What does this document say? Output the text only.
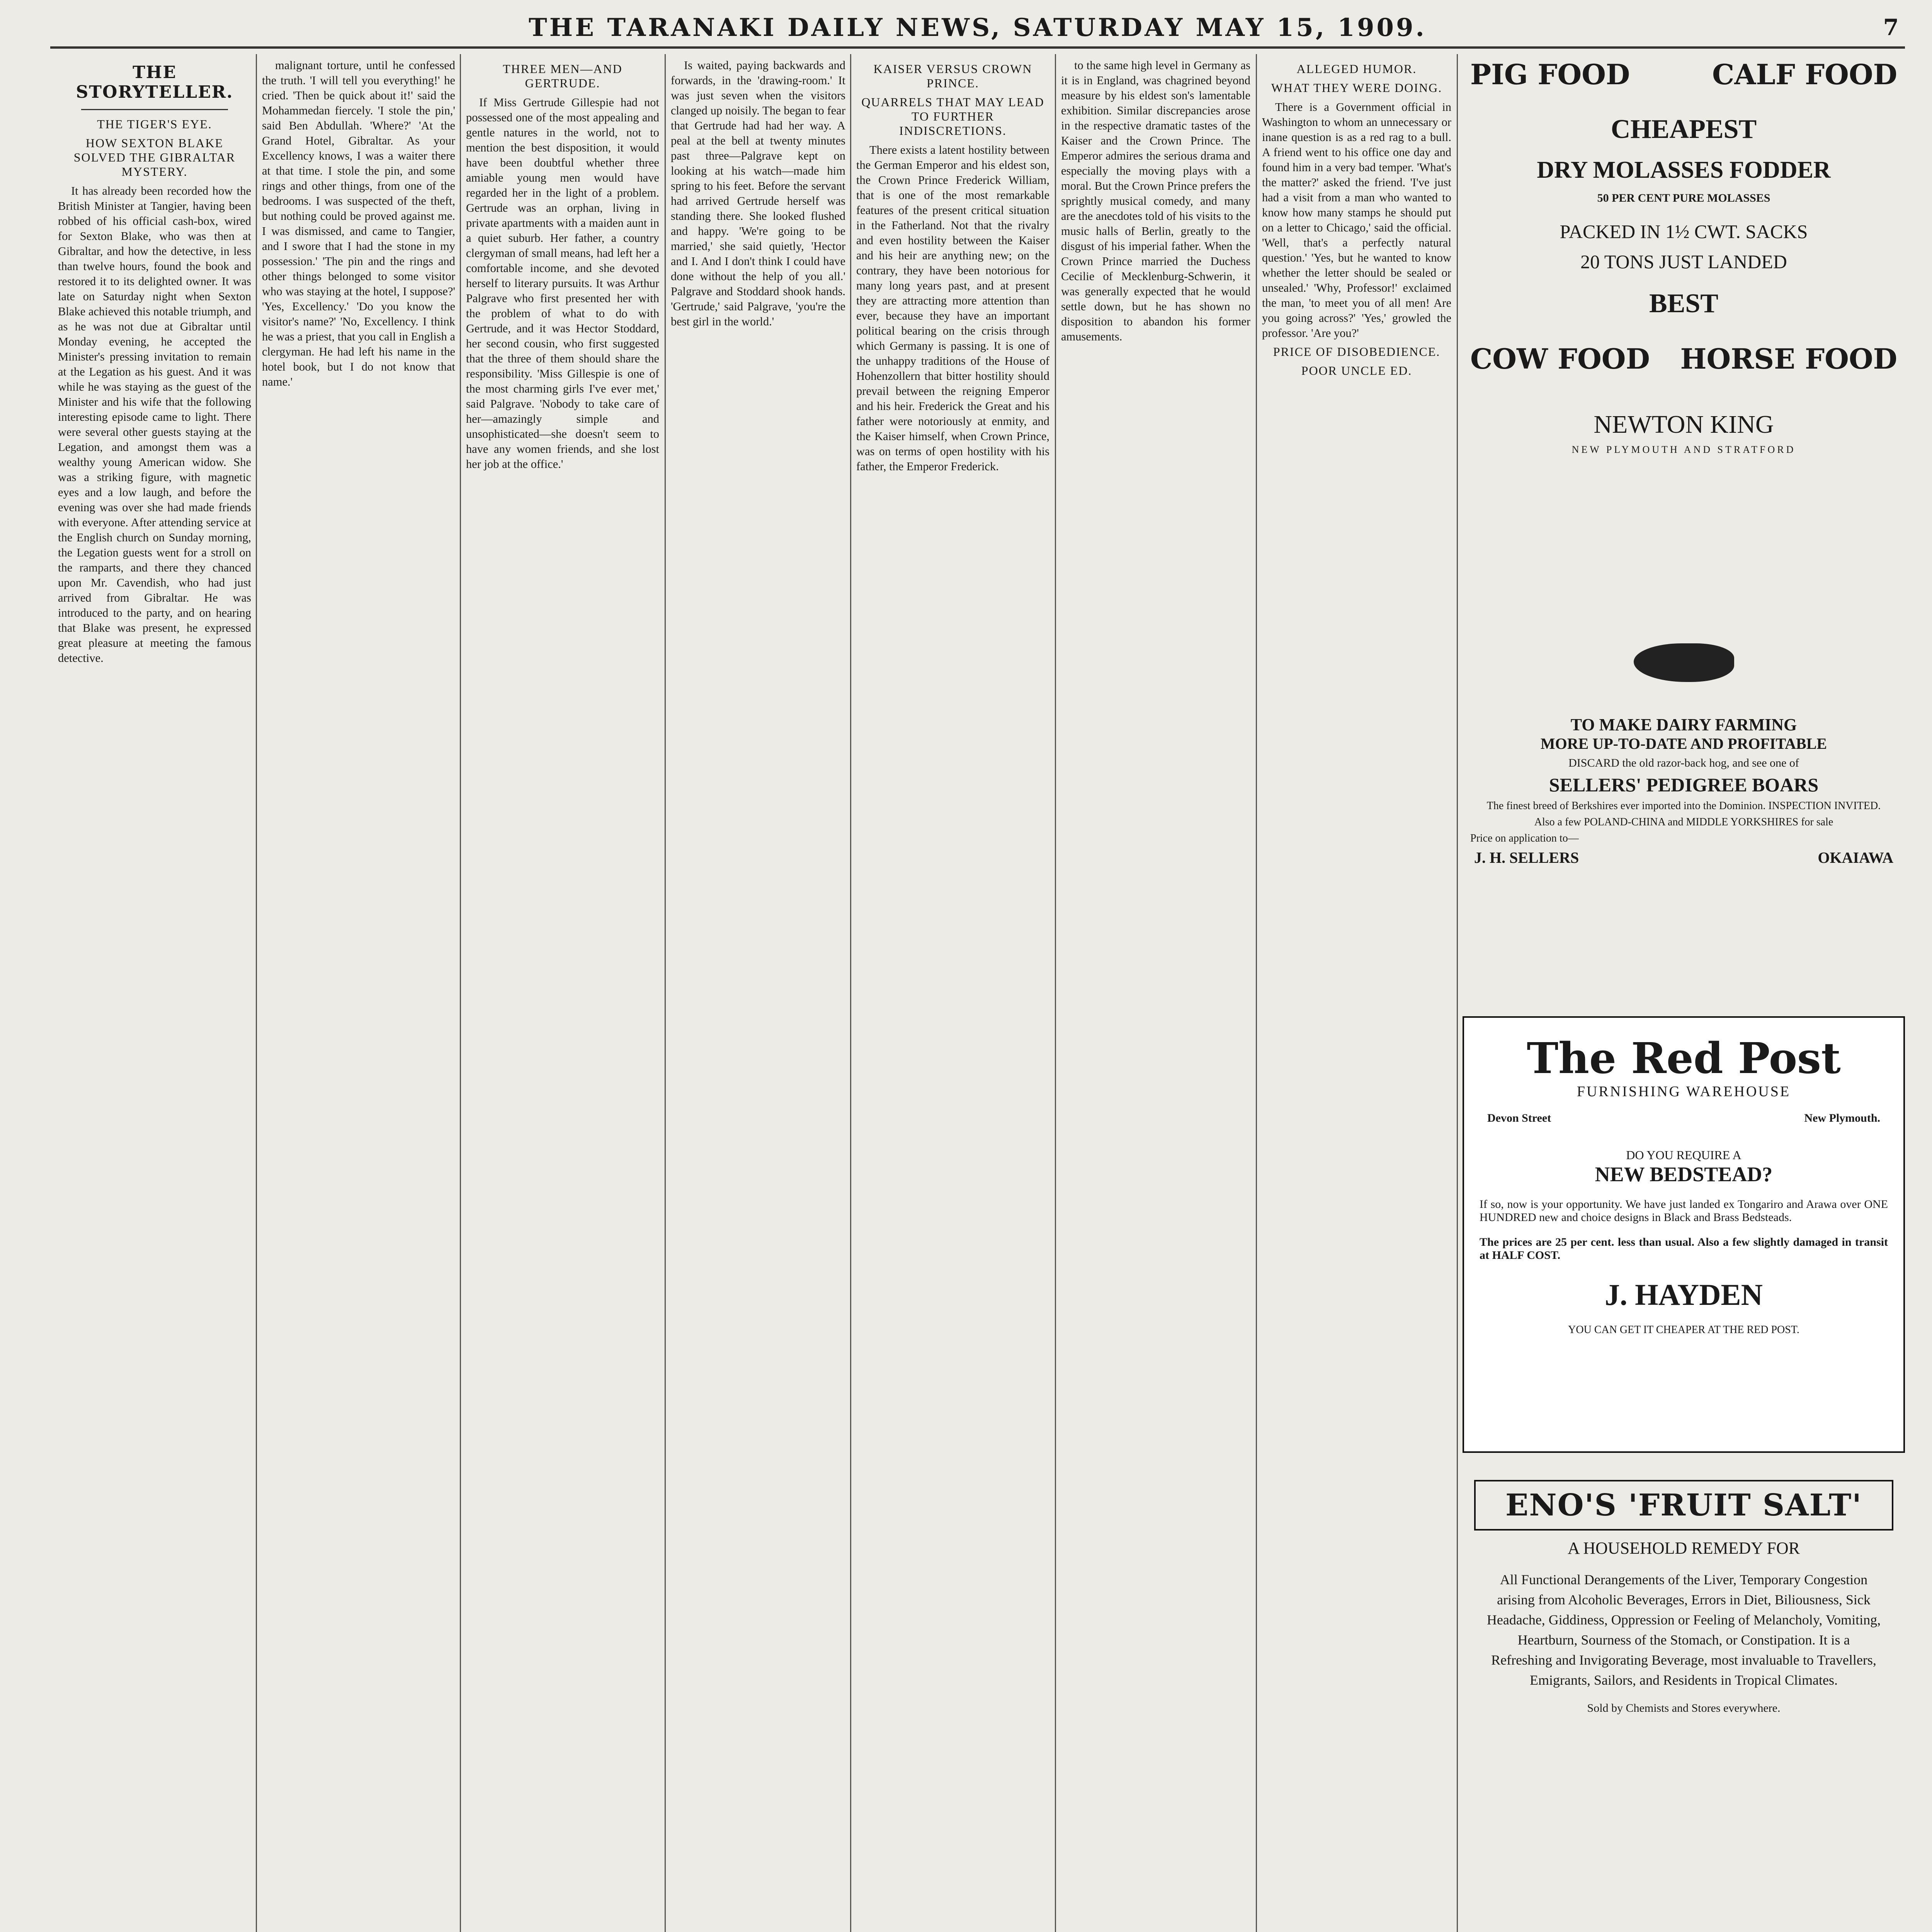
THE TARANAKI DAILY NEWS, SATURDAY MAY 15, 1909.	7
THE STORYTELLER.
THE TIGER'S EYE.
HOW SEXTON BLAKE SOLVED THE GIBRALTAR MYSTERY.

It has already been recorded how the British Minister at Tangier, having been robbed of his official cash-box, wired for Sexton Blake, who was then at Gibraltar, and how the detective, in less than twelve hours, found the book and restored it to its delighted owner. It was late on Saturday night when Sexton Blake achieved this notable triumph, and as he was not due at Gibraltar until Monday evening, he accepted the Minister's pressing invitation to remain at the Legation as his guest. And it was while he was staying as the guest of the Minister and his wife that the following interesting episode came to light. There were several other guests staying at the Legation, and amongst them was a wealthy young American widow. She was a striking figure, with magnetic eyes and a low laugh, and before the evening was over she had made friends with everyone. After attending service at the English church on Sunday morning, the Legation guests went for a stroll on the ramparts, and there they chanced upon Mr. Cavendish, who had just arrived from Gibraltar. He was introduced to the party, and on hearing that Blake was present, he expressed great pleasure at meeting the famous detective.

malignant torture, until he confessed the truth. 'I will tell you everything!' he cried. 'Then be quick about it!' said the Mohammedan fiercely. 'I stole the pin,' said Ben Abdullah. 'Where?' 'At the Grand Hotel, Gibraltar. As your Excellency knows, I was a waiter there at that time. I stole the pin, and some rings and other things, from one of the bedrooms. I was suspected of the theft, but nothing could be proved against me. I was dismissed, and came to Tangier, and I swore that I had the stone in my possession.' 'The pin and the rings and other things belonged to some visitor who was staying at the hotel, I suppose?' 'Yes, Excellency.' 'Do you know the visitor's name?' 'No, Excellency. I think he was a priest, that you call in English a clergyman. He had left his name in the hotel book, but I do not know that name.'

THREE MEN—AND GERTRUDE.

If Miss Gertrude Gillespie had not possessed one of the most appealing and gentle natures in the world, not to mention the best disposition, it would have been doubtful whether three amiable young men would have regarded her in the light of a problem. Gertrude was an orphan, living in private apartments with a maiden aunt in a quiet suburb. Her father, a country clergyman of small means, had left her a comfortable income, and she devoted herself to literary pursuits. It was Arthur Palgrave who first presented her with the problem of what to do with Gertrude, and it was Hector Stoddard, her second cousin, who first suggested that the three of them should share the responsibility. 'Miss Gillespie is one of the most charming girls I've ever met,' said Palgrave. 'Nobody to take care of her—amazingly simple and unsophisticated—she doesn't seem to have any women friends, and she lost her job at the office.'

Is waited, paying backwards and forwards, in the 'drawing-room.' It was just seven when the visitors clanged up noisily. The began to fear that Gertrude had had her way. A peal at the bell at twenty minutes past three—Palgrave kept on looking at his watch—made him spring to his feet. Before the servant had arrived Gertrude herself was standing there. She looked flushed and happy. 'We're going to be married,' she said quietly, 'Hector and I. And I don't think I could have done without the help of you all.' Palgrave and Stoddard shook hands. 'Gertrude,' said Palgrave, 'you're the best girl in the world.'

KAISER VERSUS CROWN PRINCE.
QUARRELS THAT MAY LEAD TO FURTHER INDISCRETIONS.

There exists a latent hostility between the German Emperor and his eldest son, the Crown Prince Frederick William, that is one of the most remarkable features of the present critical situation in the Fatherland. Not that the rivalry and even hostility between the Kaiser and his heir are anything new; on the contrary, they have been notorious for many long years past, and at present they are attracting more attention than ever, because they have an important political bearing on the crisis through which Germany is passing. It is one of the unhappy traditions of the House of Hohenzollern that bitter hostility should prevail between the reigning Emperor and his heir. Frederick the Great and his father were notoriously at enmity, and the Kaiser himself, when Crown Prince, was on terms of open hostility with his father, the Emperor Frederick.

to the same high level in Germany as it is in England, was chagrined beyond measure by his eldest son's lamentable exhibition. Similar discrepancies arose in the respective dramatic tastes of the Kaiser and the Crown Prince. The Emperor admires the serious drama and especially the moving plays with a moral. But the Crown Prince prefers the sprightly musical comedy, and many are the anecdotes told of his visits to the music halls of Berlin, greatly to the disgust of his imperial father. When the Crown Prince married the Duchess Cecilie of Mecklenburg-Schwerin, it was generally expected that he would settle down, but he has shown no disposition to abandon his former amusements.

ALLEGED HUMOR.
WHAT THEY WERE DOING.

There is a Government official in Washington to whom an unnecessary or inane question is as a red rag to a bull. A friend went to his office one day and found him in a very bad temper. 'What's the matter?' asked the friend. 'I've just had a visit from a man who wanted to know how many stamps he should put on a letter to Chicago,' said the official. 'Well, that's a perfectly natural question.' 'Yes, but he wanted to know whether the letter should be sealed or unsealed.' 'Why, Professor!' exclaimed the man, 'to meet you of all men! Are you going across?' 'Yes,' growled the professor. 'Are you?'

PRICE OF DISOBEDIENCE.
POOR UNCLE ED.
PIG FOOD	CALF FOOD
CHEAPEST
DRY MOLASSES FODDER
50 PER CENT PURE MOLASSES
PACKED IN 1½ CWT. SACKS
20 TONS JUST LANDED
BEST
COW FOOD HORSE FOOD
NEWTON KING
NEW PLYMOUTH AND STRATFORD
TO MAKE DAIRY FARMING
MORE UP-TO-DATE AND PROFITABLE
DISCARD the old razor-back hog, and see one of
SELLERS' PEDIGREE BOARS
The finest breed of Berkshires ever imported into the Dominion. INSPECTION INVITED.
Also a few POLAND-CHINA and MIDDLE YORKSHIRES for sale
Price on application to—
J. H. SELLERS	OKAIAWA
The Red Post
FURNISHING WAREHOUSE
Devon Street	New Plymouth.
DO YOU REQUIRE A
NEW BEDSTEAD?
If so, now is your opportunity. We have just landed ex Tongariro and Arawa over ONE HUNDRED new and choice designs in Black and Brass Bedsteads.
The prices are 25 per cent. less than usual. Also a few slightly damaged in transit at HALF COST.
J. HAYDEN
YOU CAN GET IT CHEAPER AT THE RED POST.
ENO'S 'FRUIT SALT'
A HOUSEHOLD REMEDY FOR
All Functional Derangements of the Liver, Temporary Congestion arising from Alcoholic Beverages, Errors in Diet, Biliousness, Sick Headache, Giddiness, Oppression or Feeling of Melancholy, Vomiting, Heartburn, Sourness of the Stomach, or Constipation. It is a Refreshing and Invigorating Beverage, most invaluable to Travellers, Emigrants, Sailors, and Residents in Tropical Climates.
Sold by Chemists and Stores everywhere.
